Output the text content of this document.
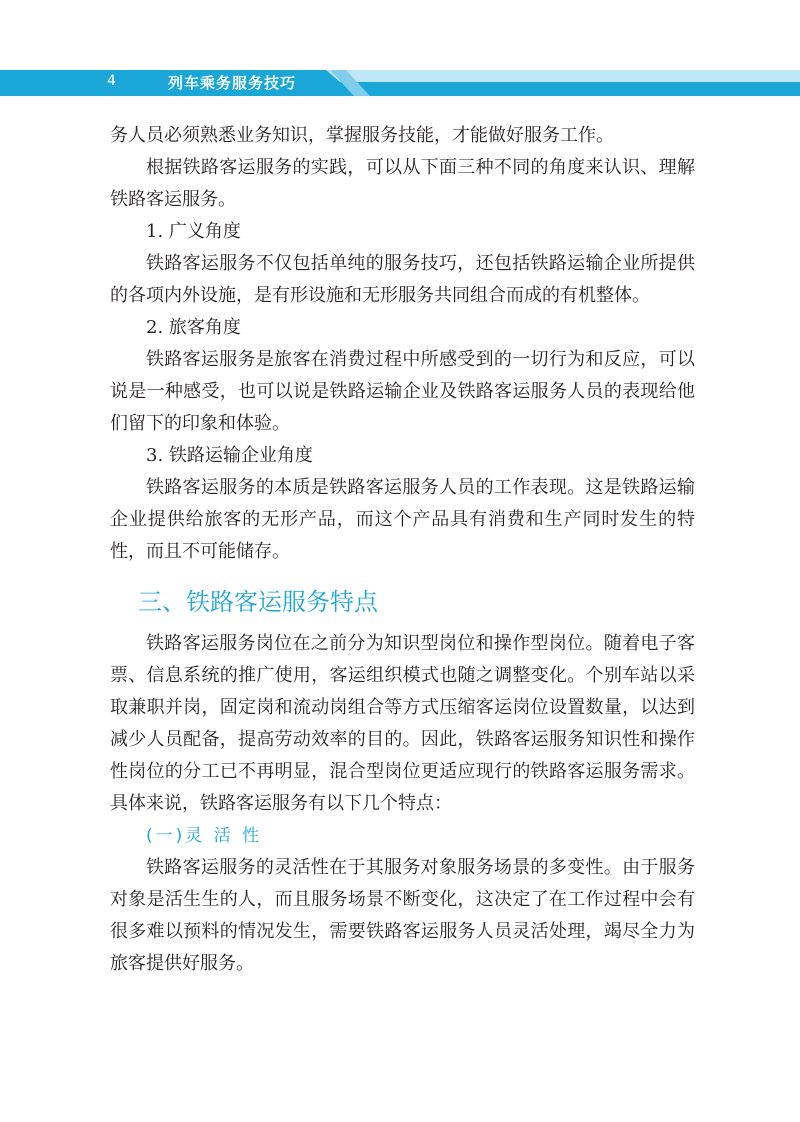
4	列车乘务服务技巧

务人员必须熟悉业务知识，掌握服务技能，才能做好服务工作。

根据铁路客运服务的实践，可以从下面三种不同的角度来认识、理解铁路客运服务。

1. 广义角度

铁路客运服务不仅包括单纯的服务技巧，还包括铁路运输企业所提供的各项内外设施，是有形设施和无形服务共同组合而成的有机整体。

2. 旅客角度

铁路客运服务是旅客在消费过程中所感受到的一切行为和反应，可以说是一种感受，也可以说是铁路运输企业及铁路客运服务人员的表现给他们留下的印象和体验。

3. 铁路运输企业角度

铁路客运服务的本质是铁路客运服务人员的工作表现。这是铁路运输企业提供给旅客的无形产品，而这个产品具有消费和生产同时发生的特性，而且不可能储存。

三、铁路客运服务特点

铁路客运服务岗位在之前分为知识型岗位和操作型岗位。随着电子客票、信息系统的推广使用，客运组织模式也随之调整变化。个别车站以采取兼职并岗，固定岗和流动岗组合等方式压缩客运岗位设置数量，以达到减少人员配备，提高劳动效率的目的。因此，铁路客运服务知识性和操作性岗位的分工已不再明显，混合型岗位更适应现行的铁路客运服务需求。具体来说，铁路客运服务有以下几个特点：

(一)灵 活 性

铁路客运服务的灵活性在于其服务对象服务场景的多变性。由于服务对象是活生生的人，而且服务场景不断变化，这决定了在工作过程中会有很多难以预料的情况发生，需要铁路客运服务人员灵活处理，竭尽全力为旅客提供好服务。
